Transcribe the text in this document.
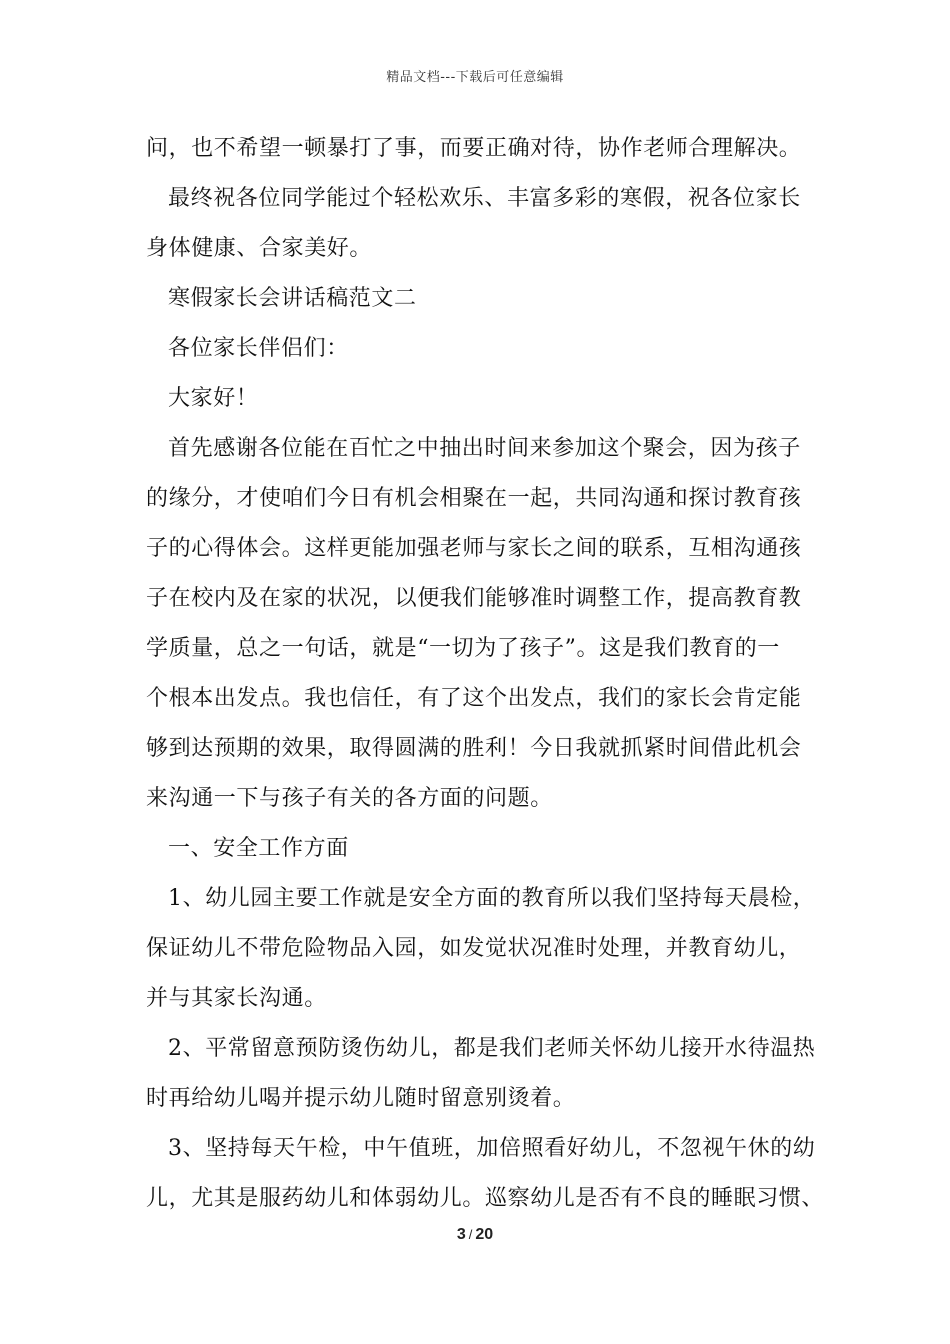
精品文档---下载后可任意编辑
问，也不希望一顿暴打了事，而要正确对待，协作老师合理解决。
最终祝各位同学能过个轻松欢乐、丰富多彩的寒假，祝各位家长
身体健康、合家美好。
寒假家长会讲话稿范文二
各位家长伴侣们：
大家好！
首先感谢各位能在百忙之中抽出时间来参加这个聚会，因为孩子
的缘分，才使咱们今日有机会相聚在一起，共同沟通和探讨教育孩
子的心得体会。这样更能加强老师与家长之间的联系，互相沟通孩
子在校内及在家的状况，以便我们能够准时调整工作，提高教育教
学质量，总之一句话，就是“一切为了孩子”。这是我们教育的一
个根本出发点。我也信任，有了这个出发点，我们的家长会肯定能
够到达预期的效果，取得圆满的胜利！今日我就抓紧时间借此机会
来沟通一下与孩子有关的各方面的问题。
一、安全工作方面
1、幼儿园主要工作就是安全方面的教育所以我们坚持每天晨检，
保证幼儿不带危险物品入园，如发觉状况准时处理，并教育幼儿，
并与其家长沟通。
2、平常留意预防烫伤幼儿，都是我们老师关怀幼儿接开水待温热
时再给幼儿喝并提示幼儿随时留意别烫着。
3、坚持每天午检，中午值班，加倍照看好幼儿，不忽视午休的幼
儿，尤其是服药幼儿和体弱幼儿。巡察幼儿是否有不良的睡眠习惯、
3 / 20
